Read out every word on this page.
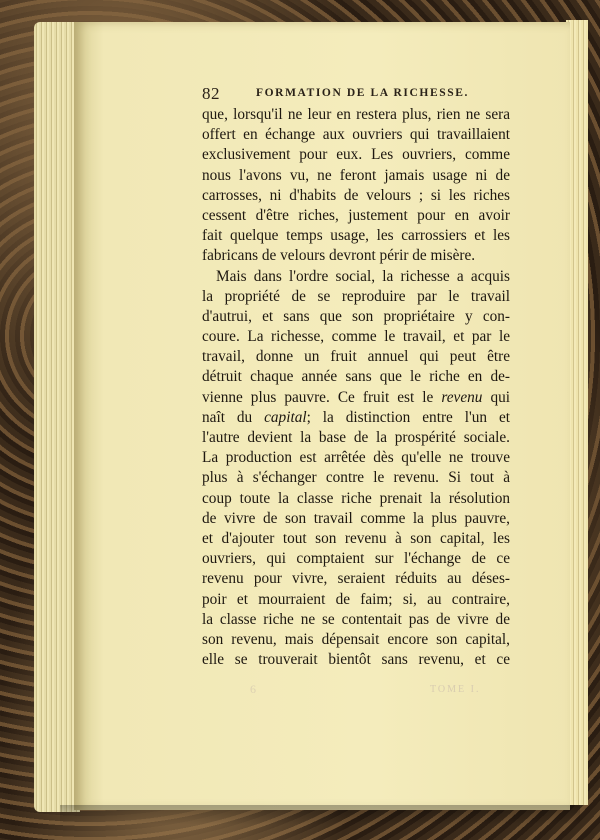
82	FORMATION DE LA RICHESSE.
que, lorsqu'il ne leur en restera plus, rien ne sera
offert en échange aux ouvriers qui travaillaient
exclusivement pour eux. Les ouvriers, comme
nous l'avons vu, ne feront jamais usage ni de
carrosses, ni d'habits de velours ; si les riches
cessent d'être riches, justement pour en avoir
fait quelque temps usage, les carrossiers et les
fabricans de velours devront périr de misère.
Mais dans l'ordre social, la richesse a acquis
la propriété de se reproduire par le travail
d'autrui, et sans que son propriétaire y con-
coure. La richesse, comme le travail, et par le
travail, donne un fruit annuel qui peut être
détruit chaque année sans que le riche en de-
vienne plus pauvre. Ce fruit est le revenu qui
naît du capital; la distinction entre l'un et
l'autre devient la base de la prospérité sociale.
La production est arrêtée dès qu'elle ne trouve
plus à s'échanger contre le revenu. Si tout à
coup toute la classe riche prenait la résolution
de vivre de son travail comme la plus pauvre,
et d'ajouter tout son revenu à son capital, les
ouvriers, qui comptaient sur l'échange de ce
revenu pour vivre, seraient réduits au déses-
poir et mourraient de faim; si, au contraire,
la classe riche ne se contentait pas de vivre de
son revenu, mais dépensait encore son capital,
elle se trouverait bientôt sans revenu, et ce
6	TOME I.
